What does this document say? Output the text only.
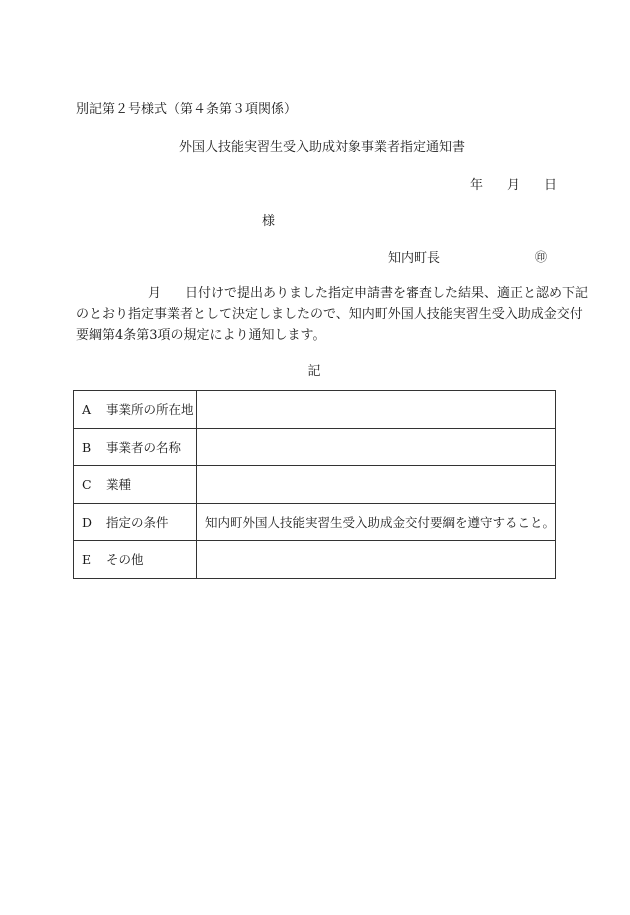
別記第２号様式（第４条第３項関係）
外国人技能実習生受入助成対象事業者指定通知書
年 月 日
様
知内町長	㊞
月 日付けで提出ありました指定申請書を審査した結果、適正と認め下記
のとおり指定事業者として決定しましたので、知内町外国人技能実習生受入助成金交付
要綱第4条第3項の規定により通知します。
記
A 事業所の所在地	
B 事業者の名称	
C 業種	
D 指定の条件	知内町外国人技能実習生受入助成金交付要綱を遵守すること。
E その他	
